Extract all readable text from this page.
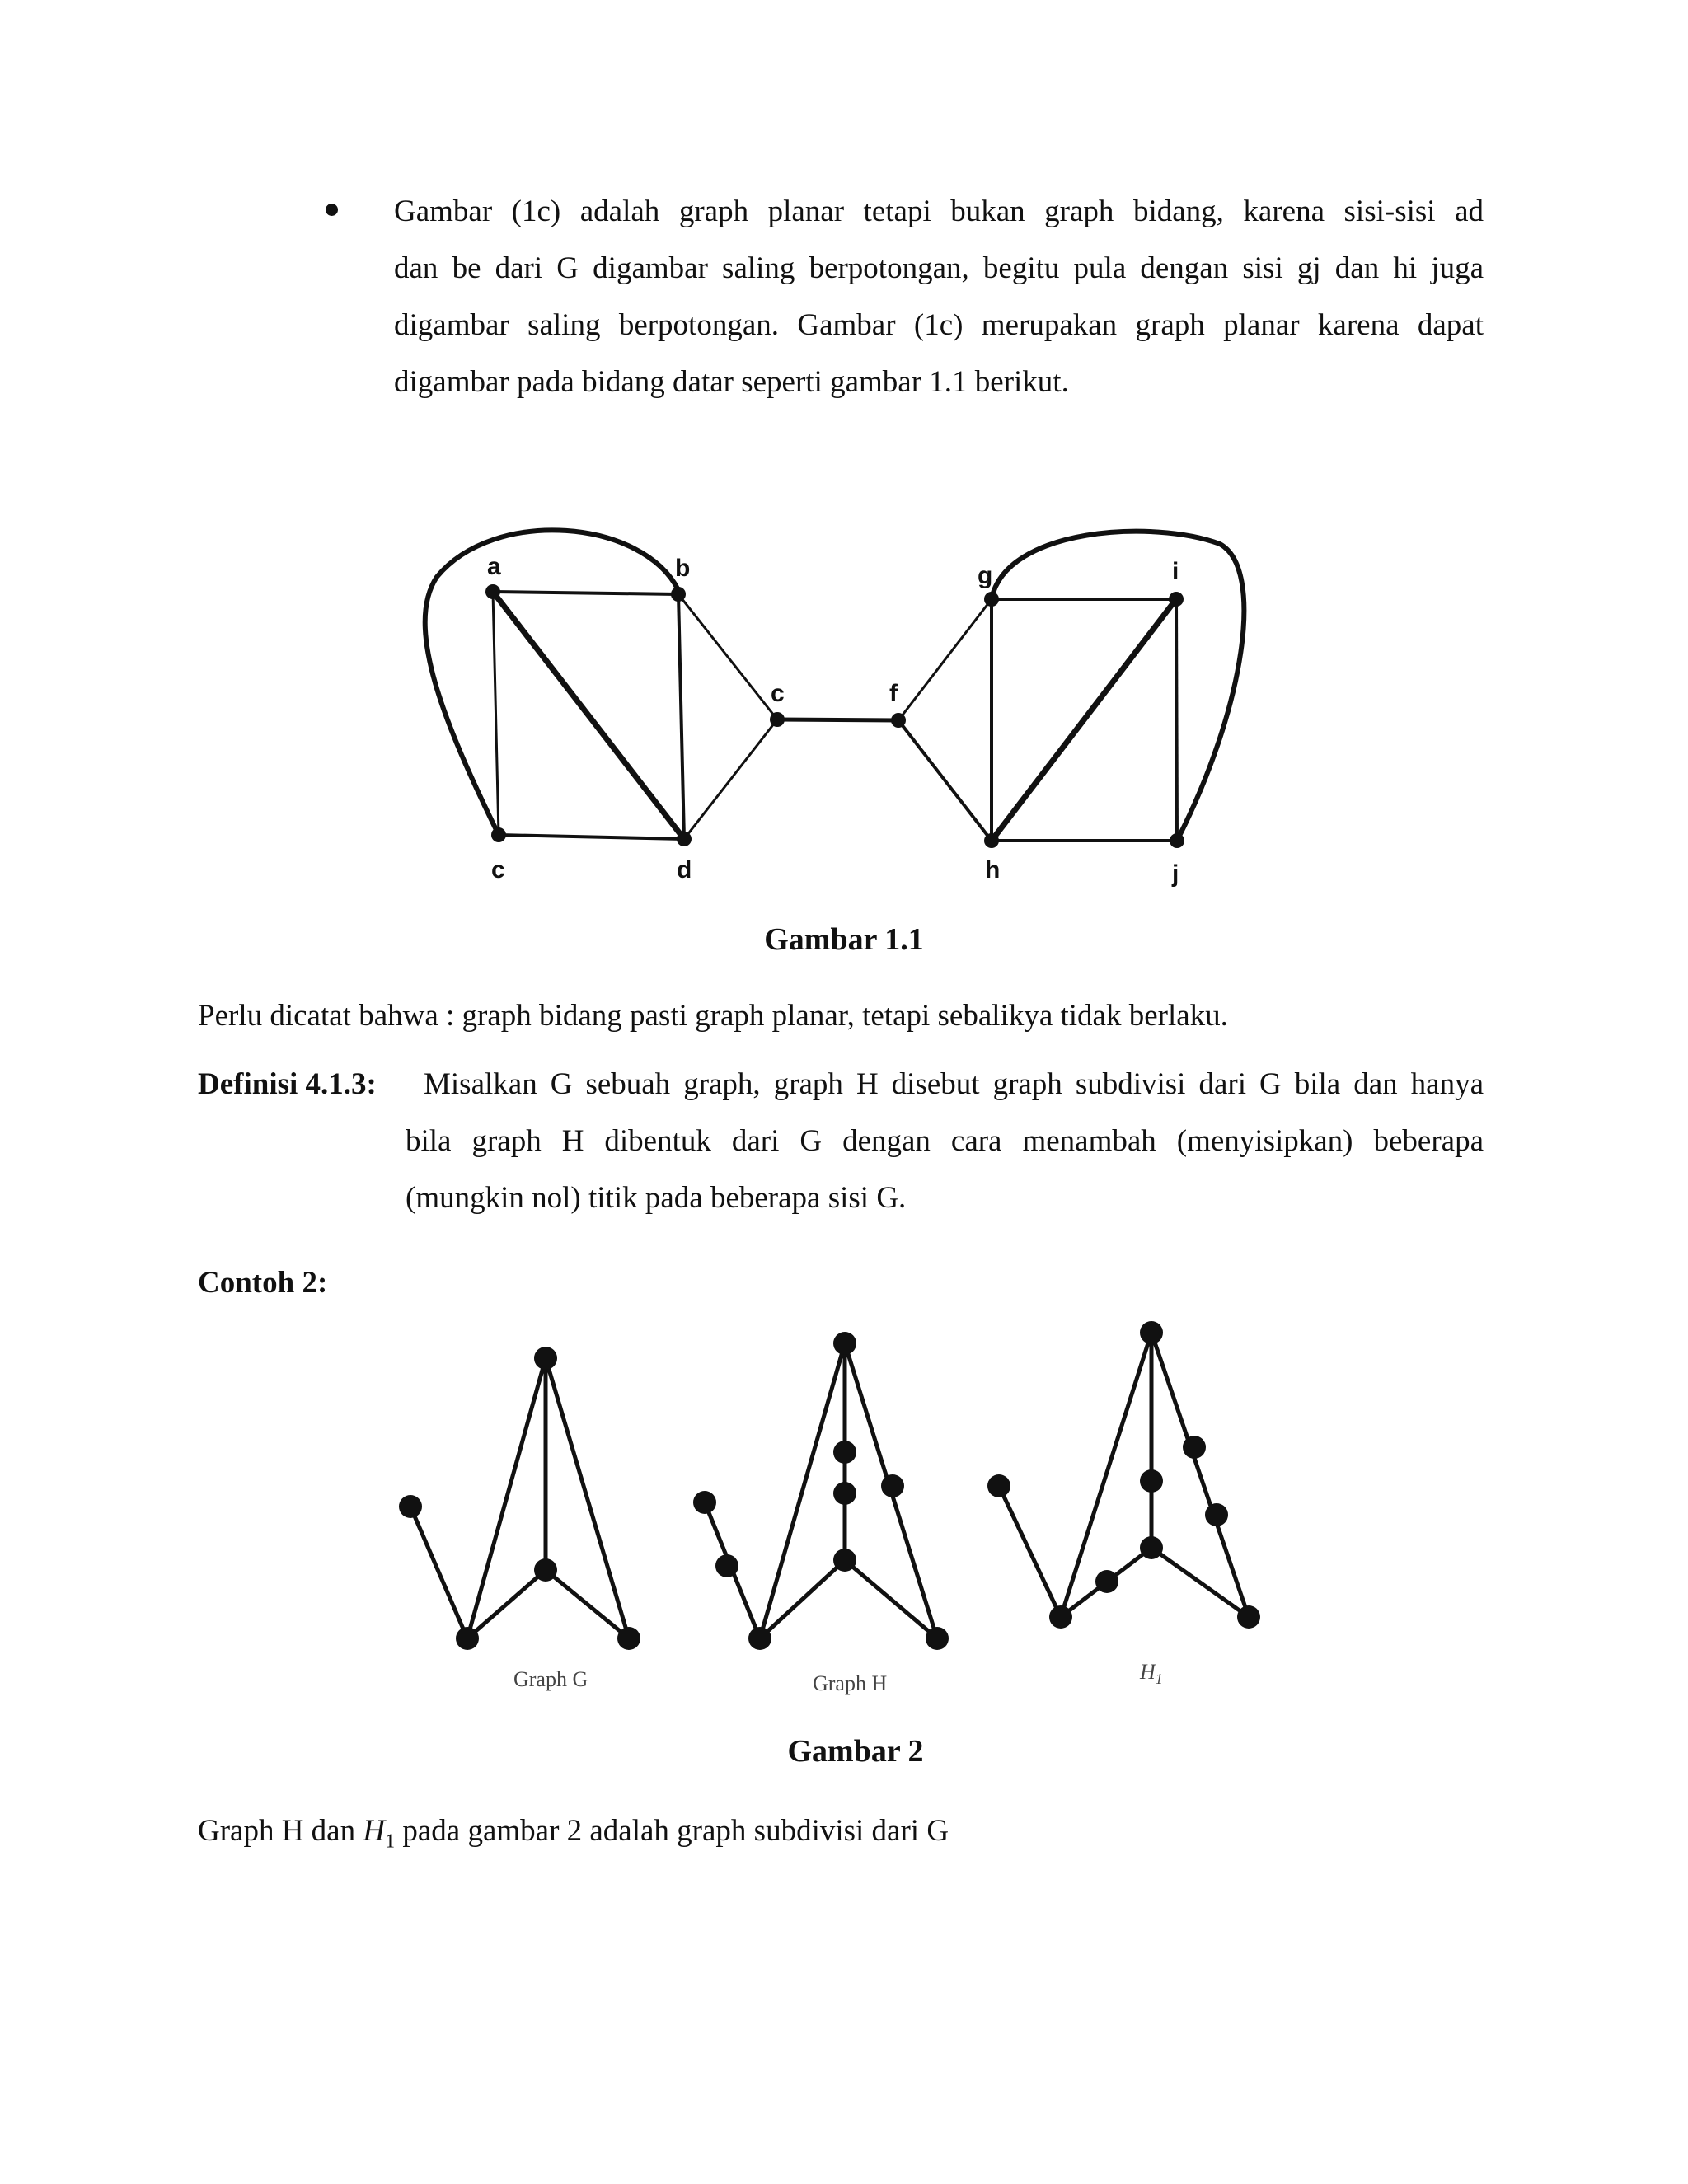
Gambar (1c) adalah graph planar tetapi bukan graph bidang, karena sisi-sisi ad
dan be dari G digambar saling berpotongan, begitu pula dengan sisi gj dan hi juga
digambar saling berpotongan. Gambar (1c) merupakan graph planar karena dapat
digambar pada bidang datar seperti gambar 1.1 berikut.
a	b
c	d
c	f
g	i
h	j
Gambar 1.1
Perlu dicatat bahwa : graph bidang pasti graph planar, tetapi sebalikya tidak berlaku.
Definisi 4.1.3: Misalkan G sebuah graph, graph H disebut graph subdivisi dari G bila dan hanya
bila graph H dibentuk dari G dengan cara menambah (menyisipkan) beberapa
(mungkin nol) titik pada beberapa sisi G.
Contoh 2:
Graph G	Graph H	$H_1$
Gambar 2
Graph H dan $H_1$ pada gambar 2 adalah graph subdivisi dari G
